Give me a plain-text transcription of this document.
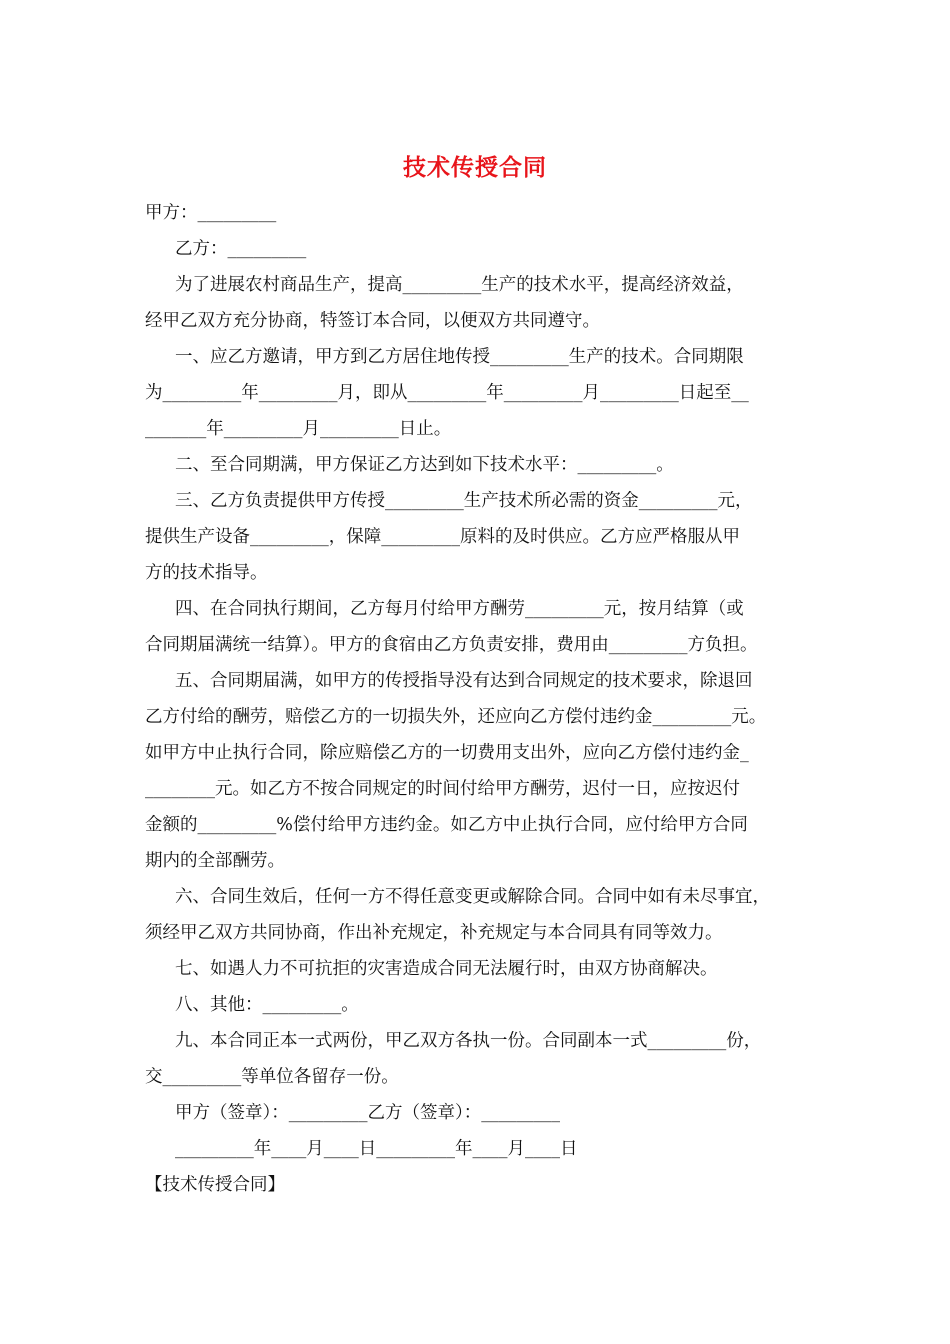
技术传授合同
甲方：_________
乙方：_________
为了进展农村商品生产，提高_________生产的技术水平，提高经济效益，
经甲乙双方充分协商，特签订本合同，以便双方共同遵守。
一、应乙方邀请，甲方到乙方居住地传授_________生产的技术。合同期限
为_________年_________月，即从_________年_________月_________日起至__
_______年_________月_________日止。
二、至合同期满，甲方保证乙方达到如下技术水平：_________。
三、乙方负责提供甲方传授_________生产技术所必需的资金_________元，
提供生产设备_________，保障_________原料的及时供应。乙方应严格服从甲
方的技术指导。
四、在合同执行期间，乙方每月付给甲方酬劳_________元，按月结算（或
合同期届满统一结算）。甲方的食宿由乙方负责安排，费用由_________方负担。
五、合同期届满，如甲方的传授指导没有达到合同规定的技术要求，除退回
乙方付给的酬劳，赔偿乙方的一切损失外，还应向乙方偿付违约金_________元。
如甲方中止执行合同，除应赔偿乙方的一切费用支出外，应向乙方偿付违约金_
________元。如乙方不按合同规定的时间付给甲方酬劳，迟付一日，应按迟付
金额的_________%偿付给甲方违约金。如乙方中止执行合同，应付给甲方合同
期内的全部酬劳。
六、合同生效后，任何一方不得任意变更或解除合同。合同中如有未尽事宜，
须经甲乙双方共同协商，作出补充规定，补充规定与本合同具有同等效力。
七、如遇人力不可抗拒的灾害造成合同无法履行时，由双方协商解决。
八、其他：_________。
九、本合同正本一式两份，甲乙双方各执一份。合同副本一式_________份，
交_________等单位各留存一份。
甲方（签章）：_________乙方（签章）：_________
_________年____月____日_________年____月____日
【技术传授合同】
